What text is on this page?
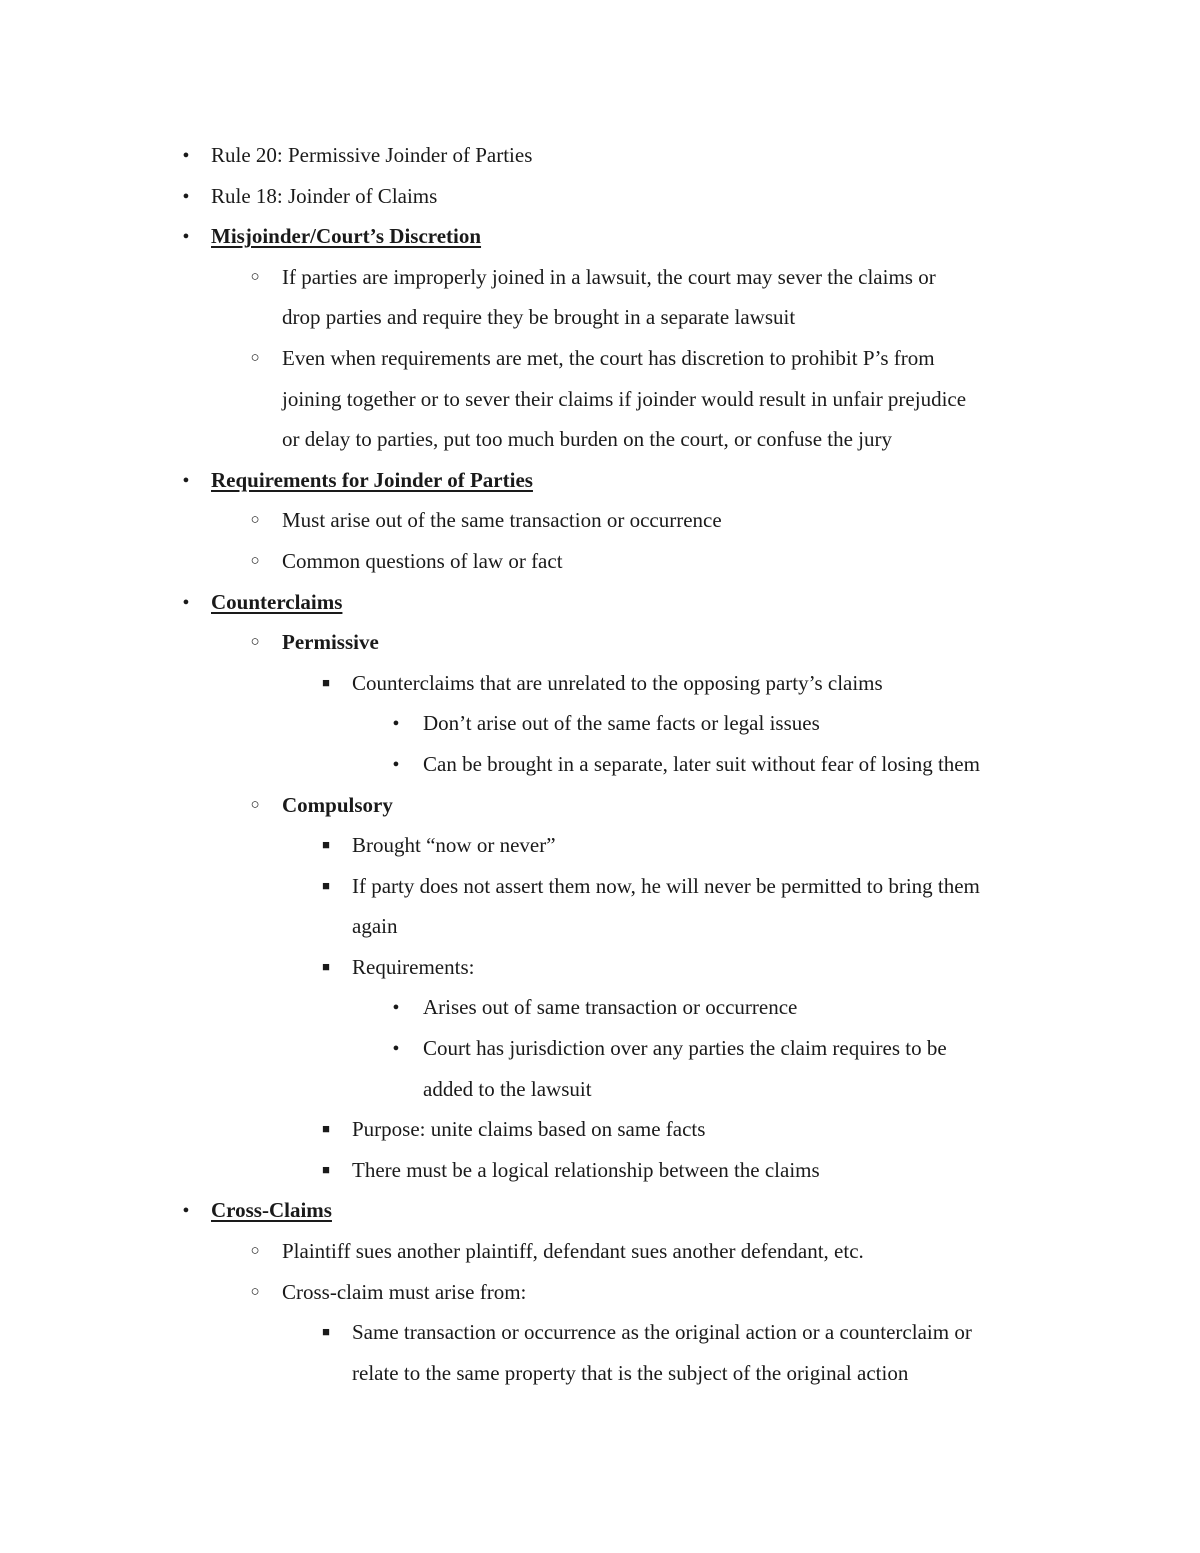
●
Rule 20: Permissive Joinder of Parties
●
Rule 18: Joinder of Claims
●
Misjoinder/Court’s Discretion
○
If parties are improperly joined in a lawsuit, the court may sever the claims or
drop parties and require they be brought in a separate lawsuit
○
Even when requirements are met, the court has discretion to prohibit P’s from
joining together or to sever their claims if joinder would result in unfair prejudice
or delay to parties, put too much burden on the court, or confuse the jury
●
Requirements for Joinder of Parties
○
Must arise out of the same transaction or occurrence
○
Common questions of law or fact
●
Counterclaims
○
Permissive
■
Counterclaims that are unrelated to the opposing party’s claims
●
Don’t arise out of the same facts or legal issues
●
Can be brought in a separate, later suit without fear of losing them
○
Compulsory
■
Brought “now or never”
■
If party does not assert them now, he will never be permitted to bring them
again
■
Requirements:
●
Arises out of same transaction or occurrence
●
Court has jurisdiction over any parties the claim requires to be
added to the lawsuit
■
Purpose: unite claims based on same facts
■
There must be a logical relationship between the claims
●
Cross-Claims
○
Plaintiff sues another plaintiff, defendant sues another defendant, etc.
○
Cross-claim must arise from:
■
Same transaction or occurrence as the original action or a counterclaim or
relate to the same property that is the subject of the original action
